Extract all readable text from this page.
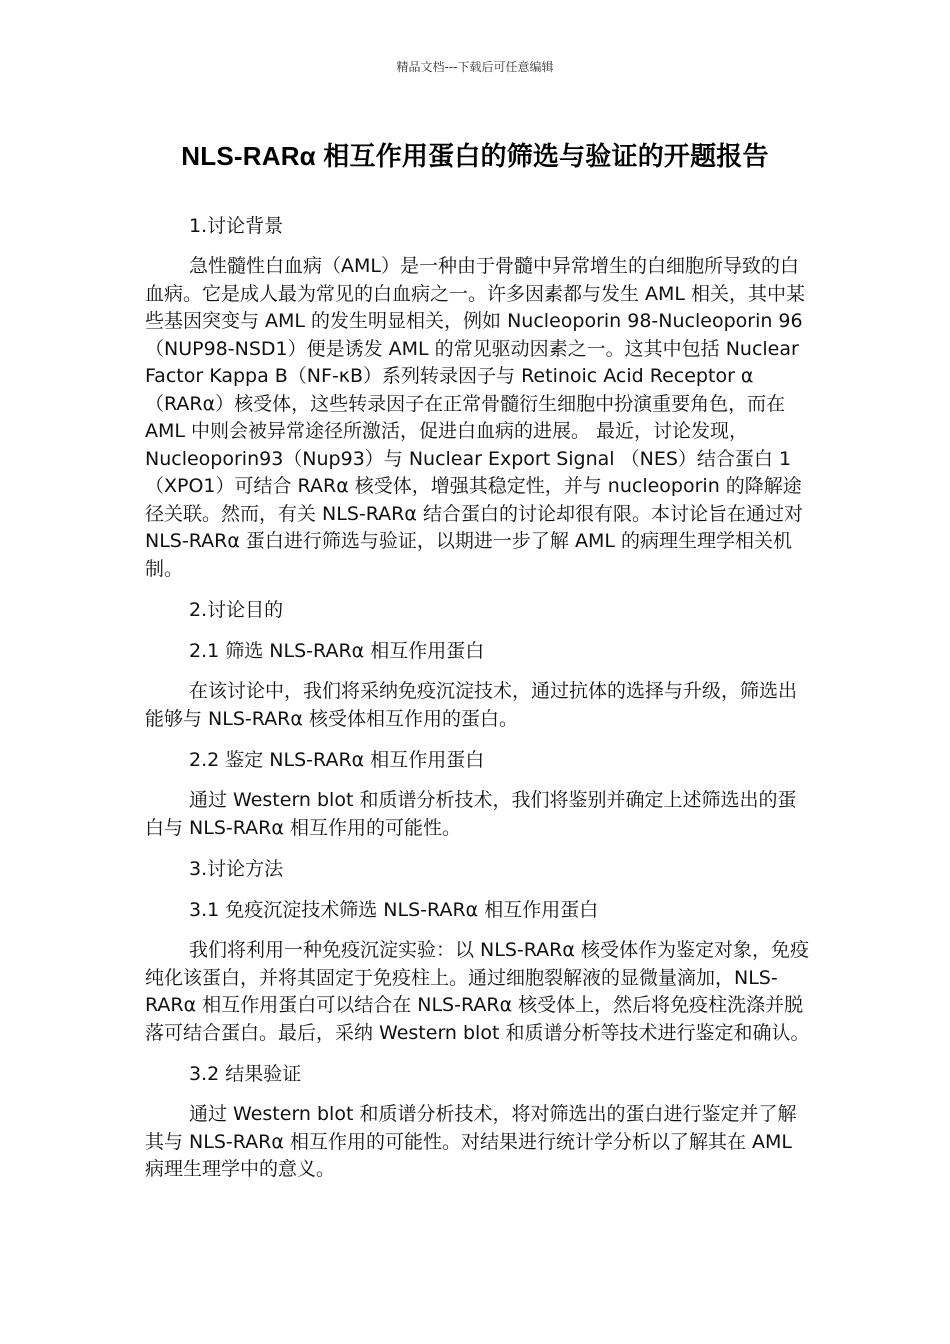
精品文档---下载后可任意编辑
NLS-RARα 相互作用蛋白的筛选与验证的开题报告

1.讨论背景

急性髓性白血病（AML）是一种由于骨髓中异常增生的白细胞所导致的白血病。它是成人最为常见的白血病之一。许多因素都与发生 AML 相关，其中某些基因突变与 AML 的发生明显相关，例如 Nucleoporin 98-Nucleoporin 96（NUP98-NSD1）便是诱发 AML 的常见驱动因素之一。这其中包括 Nuclear Factor Kappa B（NF-κB）系列转录因子与 Retinoic Acid Receptor α（RARα）核受体，这些转录因子在正常骨髓衍生细胞中扮演重要角色，而在 AML 中则会被异常途径所激活，促进白血病的进展。 最近，讨论发现，Nucleoporin93（Nup93）与 Nuclear Export Signal （NES）结合蛋白 1（XPO1）可结合 RARα 核受体，增强其稳定性，并与 nucleoporin 的降解途径关联。然而，有关 NLS-RARα 结合蛋白的讨论却很有限。本讨论旨在通过对 NLS-RARα 蛋白进行筛选与验证，以期进一步了解 AML 的病理生理学相关机制。

2.讨论目的

2.1 筛选 NLS-RARα 相互作用蛋白

在该讨论中，我们将采纳免疫沉淀技术，通过抗体的选择与升级，筛选出能够与 NLS-RARα 核受体相互作用的蛋白。

2.2 鉴定 NLS-RARα 相互作用蛋白

通过 Western blot 和质谱分析技术，我们将鉴别并确定上述筛选出的蛋白与 NLS-RARα 相互作用的可能性。

3.讨论方法

3.1 免疫沉淀技术筛选 NLS-RARα 相互作用蛋白

我们将利用一种免疫沉淀实验：以 NLS-RARα 核受体作为鉴定对象，免疫纯化该蛋白，并将其固定于免疫柱上。通过细胞裂解液的显微量滴加，NLS-RARα 相互作用蛋白可以结合在 NLS-RARα 核受体上，然后将免疫柱洗涤并脱落可结合蛋白。最后，采纳 Western blot 和质谱分析等技术进行鉴定和确认。

3.2 结果验证

通过 Western blot 和质谱分析技术，将对筛选出的蛋白进行鉴定并了解其与 NLS-RARα 相互作用的可能性。对结果进行统计学分析以了解其在 AML 病理生理学中的意义。
